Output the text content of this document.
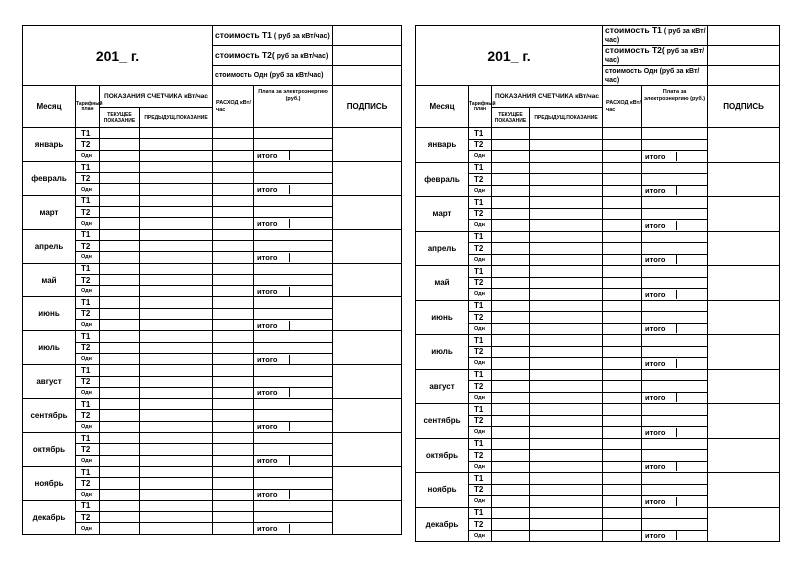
201_ г.	стоимость Т1 ( руб за кВт/час)	
стоимость Т2( руб за кВт/час)	
стоимость Одн (руб за кВт/час)	
Месяц	Тарифный план	ПОКАЗАНИЯ СЧЕТЧИКА кВт/час	РАСХОД кВт/час	Плата за электроэнергию (руб.)	ПОДПИСЬ
ТЕКУЩЕЕ ПОКАЗАНИЕ	ПРЕДЫДУЩ.ПОКАЗАНИЕ
январь	Т1					
Т2				
Одн					итого	

февраль	Т1					
Т2				
Одн					итого	

март	Т1					
Т2				
Одн					итого	

апрель	Т1					
Т2				
Одн					итого	

май	Т1					
Т2				
Одн					итого	

июнь	Т1					
Т2				
Одн					итого	

июль	Т1					
Т2				
Одн					итого	

август	Т1					
Т2				
Одн					итого	

сентябрь	Т1					
Т2				
Одн					итого	

октябрь	Т1					
Т2				
Одн					итого	

ноябрь	Т1					
Т2				
Одн					итого	

декабрь	Т1					
Т2				
Одн					итого	
201_ г.	стоимость Т1 ( руб за кВт/час)	
стоимость Т2( руб за кВт/час)	
стоимость Одн (руб за кВт/час)	
Месяц	Тарифный план	ПОКАЗАНИЯ СЧЕТЧИКА кВт/час	РАСХОД кВт/час	Плата за электроэнергию (руб.)	ПОДПИСЬ
ТЕКУЩЕЕ ПОКАЗАНИЕ	ПРЕДЫДУЩ.ПОКАЗАНИЕ
январь	Т1					
Т2				
Одн					итого	

февраль	Т1					
Т2				
Одн					итого	

март	Т1					
Т2				
Одн					итого	

апрель	Т1					
Т2				
Одн					итого	

май	Т1					
Т2				
Одн					итого	

июнь	Т1					
Т2				
Одн					итого	

июль	Т1					
Т2				
Одн					итого	

август	Т1					
Т2				
Одн					итого	

сентябрь	Т1					
Т2				
Одн					итого	

октябрь	Т1					
Т2				
Одн					итого	

ноябрь	Т1					
Т2				
Одн					итого	

декабрь	Т1					
Т2				
Одн					итого	
